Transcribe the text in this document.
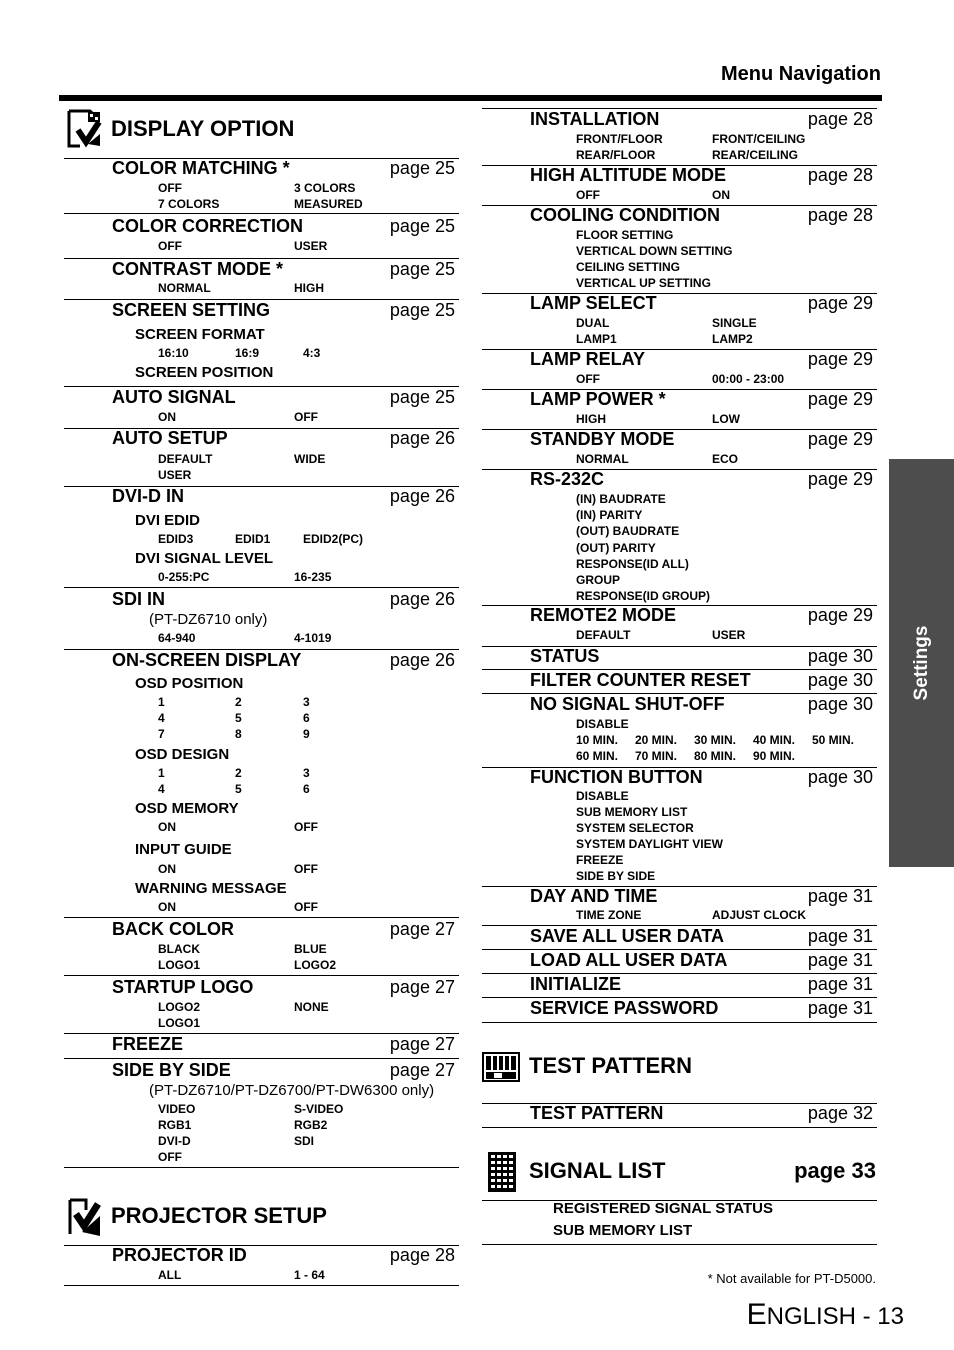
Menu Navigation
Settings
DISPLAY OPTION
COLOR MATCHING *	page 25
OFF	3 COLORS
7 COLORS	MEASURED
COLOR CORRECTION	page 25
OFF	USER
CONTRAST MODE *	page 25
NORMAL	HIGH
SCREEN SETTING	page 25
SCREEN FORMAT
16:10	16:9	4:3
SCREEN POSITION
AUTO SIGNAL	page 25
ON	OFF
AUTO SETUP	page 26
DEFAULT	WIDE
USER
DVI-D IN	page 26
DVI EDID
EDID3	EDID1	EDID2(PC)
DVI SIGNAL LEVEL
0-255:PC	16-235
SDI IN	page 26
(PT-DZ6710 only)
64-940	4-1019
ON-SCREEN DISPLAY	page 26
OSD POSITION
1	2	3
4	5	6
7	8	9
OSD DESIGN
1	2	3
4	5	6
OSD MEMORY
ON	OFF
INPUT GUIDE
ON	OFF
WARNING MESSAGE
ON	OFF
BACK COLOR	page 27
BLACK	BLUE
LOGO1	LOGO2
STARTUP LOGO	page 27
LOGO2	NONE
LOGO1
FREEZE	page 27
SIDE BY SIDE	page 27
(PT-DZ6710/PT-DZ6700/PT-DW6300 only)
VIDEO	S-VIDEO
RGB1	RGB2
DVI-D	SDI
OFF
PROJECTOR SETUP
PROJECTOR ID	page 28
ALL	1 - 64
INSTALLATION	page 28
FRONT/FLOOR	FRONT/CEILING
REAR/FLOOR	REAR/CEILING
HIGH ALTITUDE MODE	page 28
OFF	ON
COOLING CONDITION	page 28
FLOOR SETTING
VERTICAL DOWN SETTING
CEILING SETTING
VERTICAL UP SETTING
LAMP SELECT	page 29
DUAL	SINGLE
LAMP1	LAMP2
LAMP RELAY	page 29
OFF	00:00 - 23:00
LAMP POWER *	page 29
HIGH	LOW
STANDBY MODE	page 29
NORMAL	ECO
RS-232C	page 29
(IN) BAUDRATE
(IN) PARITY
(OUT) BAUDRATE
(OUT) PARITY
RESPONSE(ID ALL)
GROUP
RESPONSE(ID GROUP)
REMOTE2 MODE	page 29
DEFAULT	USER
STATUS	page 30
FILTER COUNTER RESET	page 30
NO SIGNAL SHUT-OFF	page 30
DISABLE
10 MIN. 20 MIN. 30 MIN. 40 MIN. 50 MIN.
60 MIN. 70 MIN. 80 MIN. 90 MIN.
FUNCTION BUTTON	page 30
DISABLE
SUB MEMORY LIST
SYSTEM SELECTOR
SYSTEM DAYLIGHT VIEW
FREEZE
SIDE BY SIDE
DAY AND TIME	page 31
TIME ZONE	ADJUST CLOCK
SAVE ALL USER DATA	page 31
LOAD ALL USER DATA	page 31
INITIALIZE	page 31
SERVICE PASSWORD	page 31
TEST PATTERN
TEST PATTERN	page 32
SIGNAL LIST	page 33
REGISTERED SIGNAL STATUS
SUB MEMORY LIST
* Not available for PT-D5000.
ENGLISH - 13
